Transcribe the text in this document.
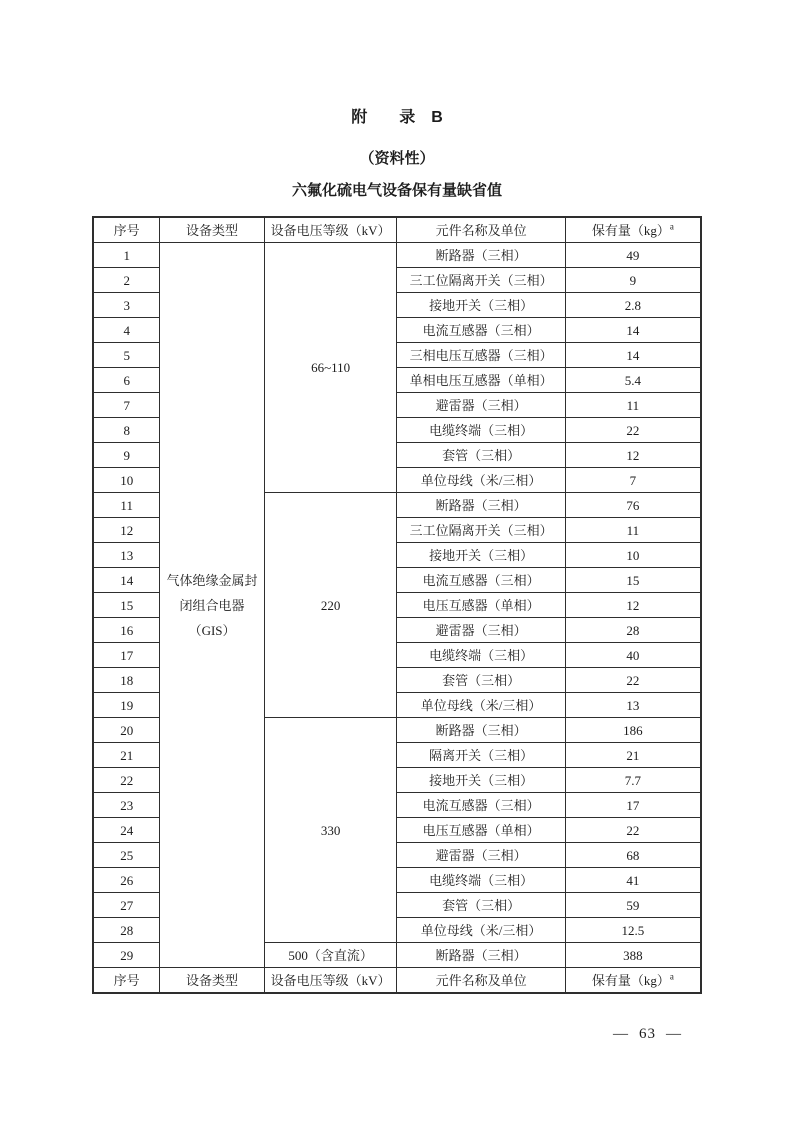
附　　录　B
（资料性）
六氟化硫电气设备保有量缺省值
序号	设备类型	设备电压等级（kV）	元件名称及单位	保有量（kg）$^a$
1	气体绝缘金属封
闭组合电器
（GIS）	66~110	断路器（三相）	49
2			三工位隔离开关（三相）	9
3			接地开关（三相）	2.8
4			电流互感器（三相）	14
5			三相电压互感器（三相）	14
6			单相电压互感器（单相）	5.4
7			避雷器（三相）	11
8			电缆终端（三相）	22
9			套管（三相）	12
10			单位母线（米/三相）	7
11		220	断路器（三相）	76
12			三工位隔离开关（三相）	11
13			接地开关（三相）	10
14			电流互感器（三相）	15
15			电压互感器（单相）	12
16			避雷器（三相）	28
17			电缆终端（三相）	40
18			套管（三相）	22
19			单位母线（米/三相）	13
20		330	断路器（三相）	186
21			隔离开关（三相）	21
22			接地开关（三相）	7.7
23			电流互感器（三相）	17
24			电压互感器（单相）	22
25			避雷器（三相）	68
26			电缆终端（三相）	41
27			套管（三相）	59
28			单位母线（米/三相）	12.5
29		500（含直流）	断路器（三相）	388
序号	设备类型	设备电压等级（kV）	元件名称及单位	保有量（kg）$^a$
— 63 —
